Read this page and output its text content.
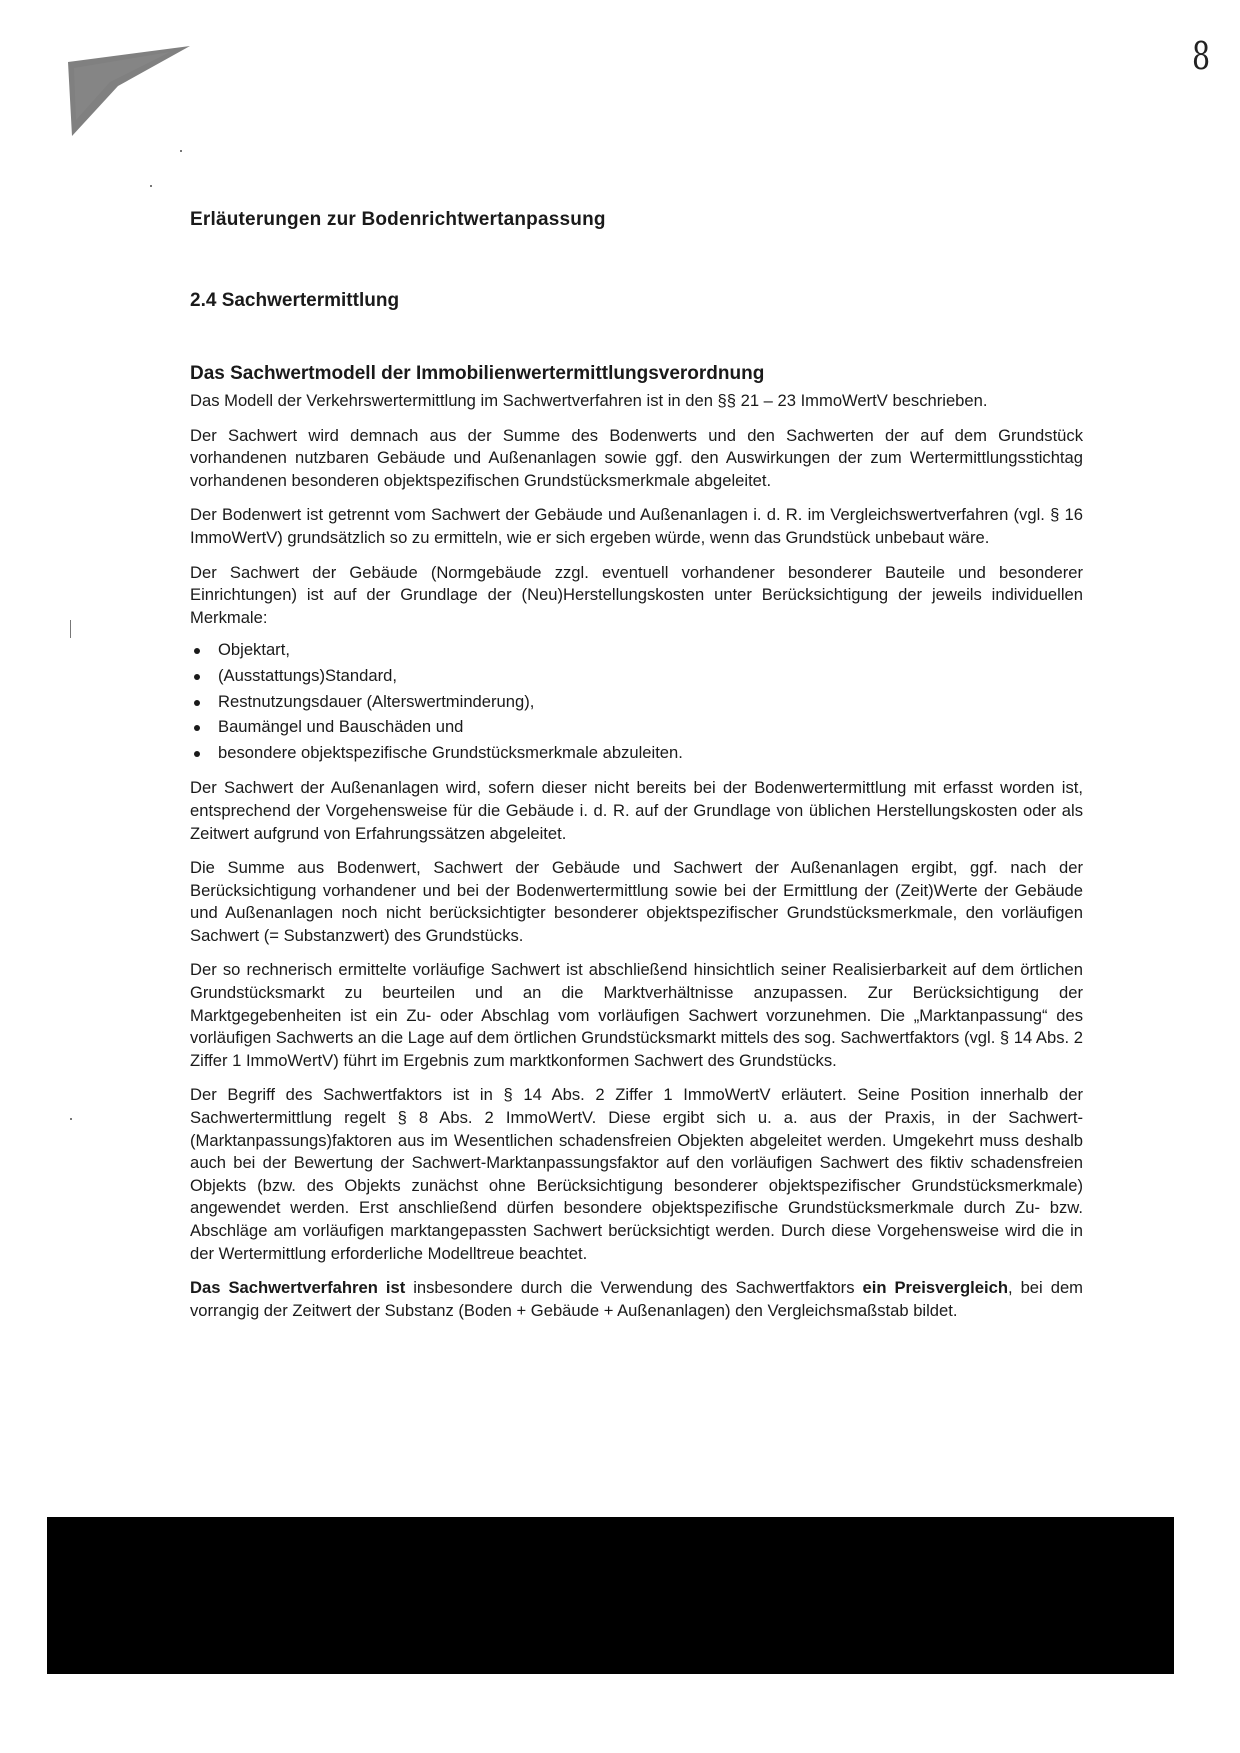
8
Erläuterungen zur Bodenrichtwertanpassung
2.4 Sachwertermittlung
Das Sachwertmodell der Immobilienwertermittlungsverordnung

Das Modell der Verkehrswertermittlung im Sachwertverfahren ist in den §§ 21 – 23 ImmoWertV beschrieben.

Der Sachwert wird demnach aus der Summe des Bodenwerts und den Sachwerten der auf dem Grundstück vorhandenen nutzbaren Gebäude und Außenanlagen sowie ggf. den Auswirkungen der zum Wertermittlungsstichtag vorhandenen besonderen objektspezifischen Grundstücksmerkmale abgeleitet.

Der Bodenwert ist getrennt vom Sachwert der Gebäude und Außenanlagen i. d. R. im Vergleichswertverfahren (vgl. § 16 ImmoWertV) grundsätzlich so zu ermitteln, wie er sich ergeben würde, wenn das Grundstück unbebaut wäre.

Der Sachwert der Gebäude (Normgebäude zzgl. eventuell vorhandener besonderer Bauteile und besonderer Einrichtungen) ist auf der Grundlage der (Neu)Herstellungskosten unter Berücksichtigung der jeweils individuellen Merkmale:

Objektart,
(Ausstattungs)Standard,
Restnutzungsdauer (Alterswertminderung),
Baumängel und Bauschäden und
besondere objektspezifische Grundstücksmerkmale abzuleiten.

Der Sachwert der Außenanlagen wird, sofern dieser nicht bereits bei der Bodenwertermittlung mit erfasst worden ist, entsprechend der Vorgehensweise für die Gebäude i. d. R. auf der Grundlage von üblichen Herstellungskosten oder als Zeitwert aufgrund von Erfahrungssätzen abgeleitet.

Die Summe aus Bodenwert, Sachwert der Gebäude und Sachwert der Außenanlagen ergibt, ggf. nach der Berücksichtigung vorhandener und bei der Bodenwertermittlung sowie bei der Ermittlung der (Zeit)Werte der Gebäude und Außenanlagen noch nicht berücksichtigter besonderer objektspezifischer Grundstücksmerkmale, den vorläufigen Sachwert (= Substanzwert) des Grundstücks.

Der so rechnerisch ermittelte vorläufige Sachwert ist abschließend hinsichtlich seiner Realisierbarkeit auf dem örtlichen Grundstücksmarkt zu beurteilen und an die Marktverhältnisse anzupassen. Zur Berücksichtigung der Marktgegebenheiten ist ein Zu- oder Abschlag vom vorläufigen Sachwert vorzunehmen. Die „Marktanpassung“ des vorläufigen Sachwerts an die Lage auf dem örtlichen Grundstücksmarkt mittels des sog. Sachwertfaktors (vgl. § 14 Abs. 2 Ziffer 1 ImmoWertV) führt im Ergebnis zum marktkonformen Sachwert des Grundstücks.

Der Begriff des Sachwertfaktors ist in § 14 Abs. 2 Ziffer 1 ImmoWertV erläutert. Seine Position innerhalb der Sachwertermittlung regelt § 8 Abs. 2 ImmoWertV. Diese ergibt sich u. a. aus der Praxis, in der Sachwert-(Marktanpassungs)faktoren aus im Wesentlichen schadensfreien Objekten abgeleitet werden. Umgekehrt muss deshalb auch bei der Bewertung der Sachwert-Marktanpassungsfaktor auf den vorläufigen Sachwert des fiktiv schadensfreien Objekts (bzw. des Objekts zunächst ohne Berücksichtigung besonderer objektspezifischer Grundstücksmerkmale) angewendet werden. Erst anschließend dürfen besondere objektspezifische Grundstücksmerkmale durch Zu- bzw. Abschläge am vorläufigen marktangepassten Sachwert berücksichtigt werden. Durch diese Vorgehensweise wird die in der Wertermittlung erforderliche Modelltreue beachtet.

Das Sachwertverfahren ist insbesondere durch die Verwendung des Sachwertfaktors ein Preisvergleich, bei dem vorrangig der Zeitwert der Substanz (Boden + Gebäude + Außenanlagen) den Vergleichsmaßstab bildet.
